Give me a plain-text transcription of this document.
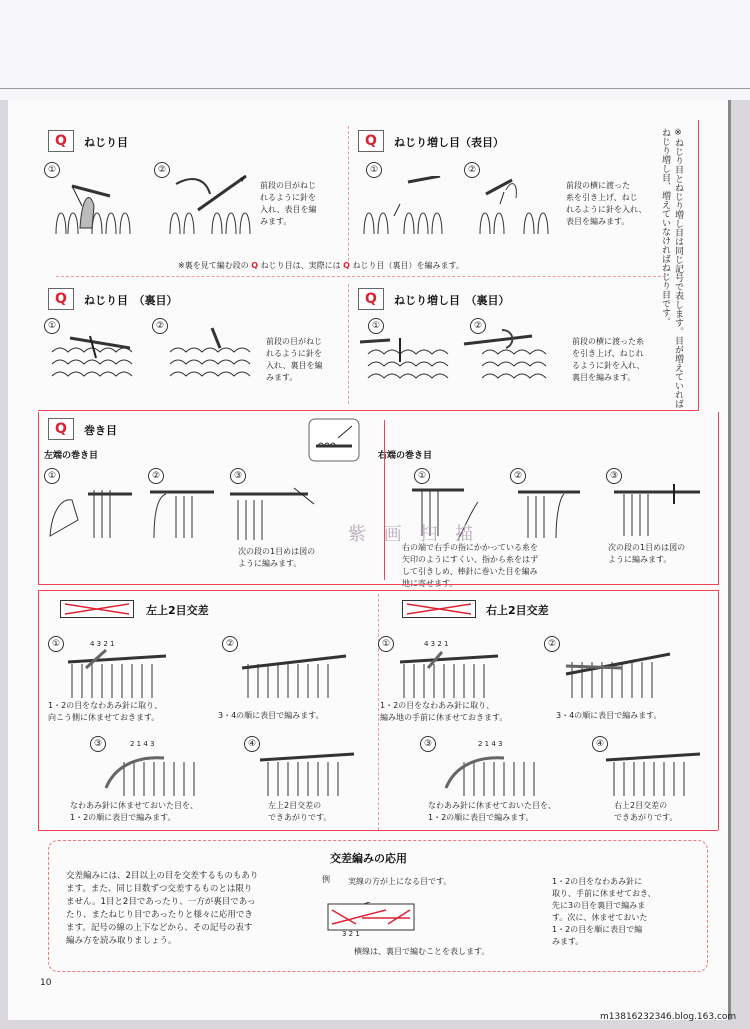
※ねじり目とねじり増し目は同じ記号で表します。目が増えていればねじり増し目、増えていなければねじり目です。
Q	ねじり目
①	②
前段の目がねじ
れるように針を
入れ、表目を編
みます。
Q	ねじり増し目（表目）
①	②
前段の横に渡った
糸を引き上げ、ねじ
れるように針を入れ、
表目を編みます。
※裏を見て編む段の Q ねじり目は、実際には Q ねじり目（裏目）を編みます。
Q	ねじり目　（裏目）
①	②
前段の目がねじ
れるように針を
入れ、裏目を編
みます。
Q	ねじり増し目　（裏目）
①	②
前段の横に渡った糸
を引き上げ、ねじれ
るように針を入れ、
裏目を編みます。
Q	巻き目
左端の巻き目
①	②	③
次の段の1目めは図の
ように編みます。
右端の巻き目
①	②	③
右の端で右手の指にかかっている糸を
矢印のようにすくい、指から糸をはず
して引きしめ、棒針に巻いた目を編み
地に寄せます。
次の段の1目めは図の
ように編みます。
紫 画 扫 描
左上2目交差
①	4 3 2 1
1・2の目をなわあみ針に取り、
向こう側に休ませておきます。
②
3・4の順に表目で編みます。
③	2 1 4 3
なわあみ針に休ませておいた目を、
1・2の順に表目で編みます。
④
左上2目交差の
できあがりです。
右上2目交差
①	4 3 2 1
1・2の目をなわあみ針に取り、
編み地の手前に休ませておきます。
②
3・4の順に表目で編みます。
③	2 1 4 3
なわあみ針に休ませておいた目を、
1・2の順に表目で編みます。
④
右上2目交差の
できあがりです。
交差編みの応用
交差編みには、2目以上の目を交差するものもあり
ます。また、同じ目数ずつ交差するものとは限り
ません。1目と2目であったり、一方が裏目であっ
たり、またねじり目であったりと様々に応用でき
ます。記号の線の上下などから、その記号の表す
編み方を読み取りましょう。
例 実線の方が上になる目です。
3 2 1
横線は、裏目で編むことを表します。
1・2の目をなわあみ針に
取り、手前に休ませておき、
先に3の目を裏目で編みま
す。次に、休ませておいた
1・2の目を順に表目で編
みます。
10
m13816232346.blog.163.com
